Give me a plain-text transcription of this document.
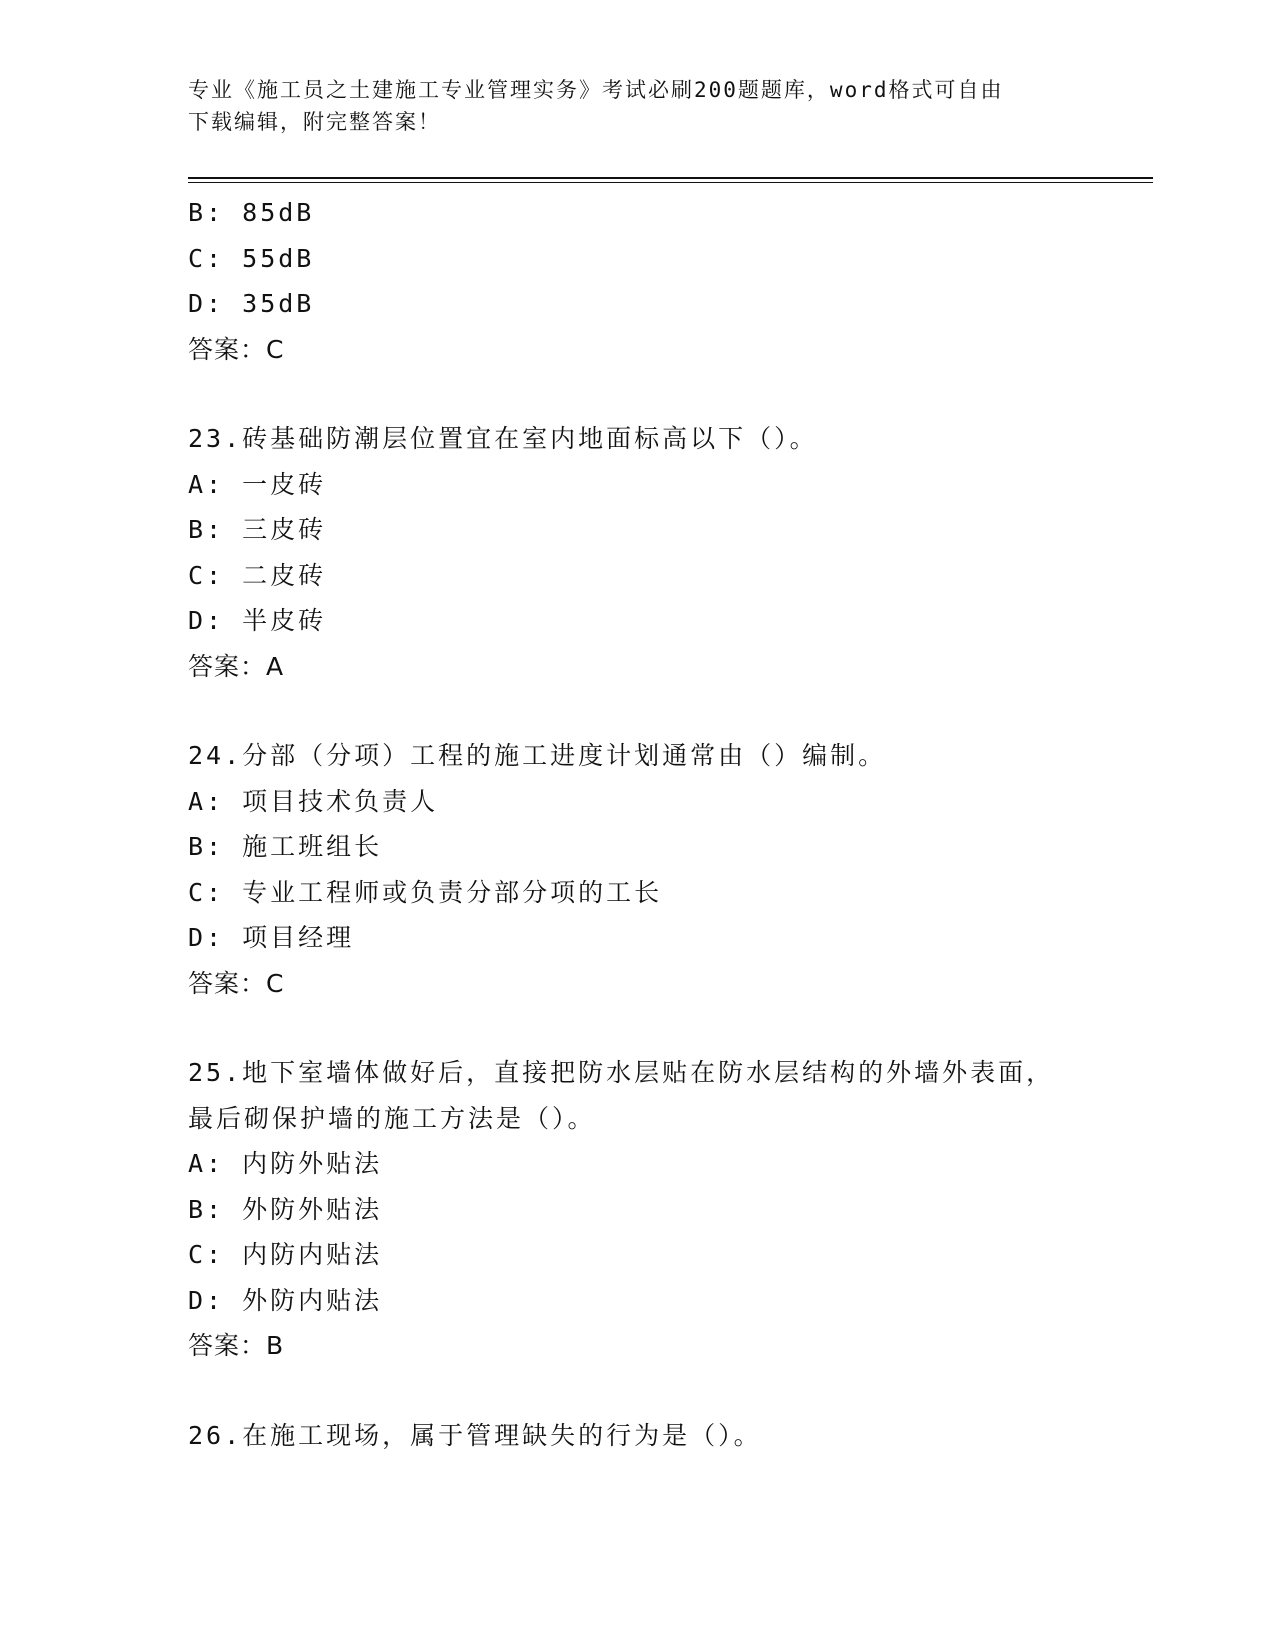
专业《施工员之土建施工专业管理实务》考试必刷200题题库，word格式可自由
下载编辑，附完整答案！
B: 85dB
C: 55dB
D: 35dB
答案：C
23.砖基础防潮层位置宜在室内地面标高以下（）。
A: 一皮砖
B: 三皮砖
C: 二皮砖
D: 半皮砖
答案：A
24.分部（分项）工程的施工进度计划通常由（）编制。
A: 项目技术负责人
B: 施工班组长
C: 专业工程师或负责分部分项的工长
D: 项目经理
答案：C
25.地下室墙体做好后，直接把防水层贴在防水层结构的外墙外表面，
最后砌保护墙的施工方法是（）。
A: 内防外贴法
B: 外防外贴法
C: 内防内贴法
D: 外防内贴法
答案：B
26.在施工现场，属于管理缺失的行为是（）。
